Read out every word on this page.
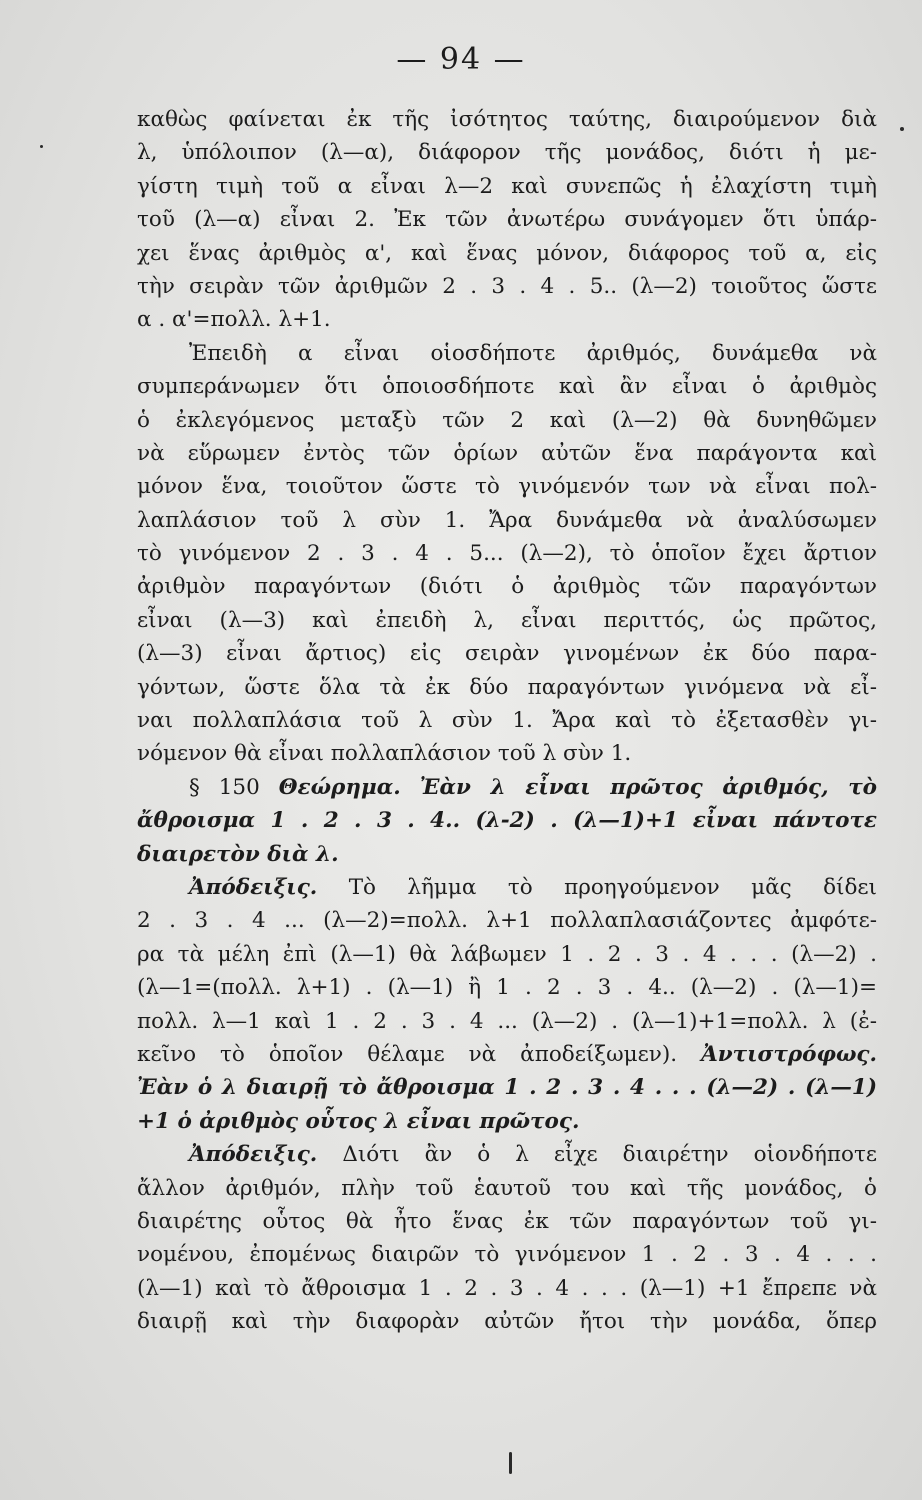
— 94 —
καθὼς φαίνεται ἐκ τῆς ἰσότητος ταύτης, διαιρούμενον διὰ
λ, ὑπόλοιπον (λ—α), διάφορον τῆς μονάδος, διότι ἡ με-
γίστη τιμὴ τοῦ α εἶναι λ—2 καὶ συνεπῶς ἡ ἐλαχίστη τιμὴ
τοῦ (λ—α) εἶναι 2. Ἐκ τῶν ἀνωτέρω συνάγομεν ὅτι ὑπάρ-
χει ἕνας ἀριθμὸς α', καὶ ἕνας μόνον, διάφορος τοῦ α, εἰς
τὴν σειρὰν τῶν ἀριθμῶν 2 . 3 . 4 . 5.. (λ—2) τοιοῦτος ὥστε
α . α'=πολλ. λ+1.
Ἐπειδὴ α εἶναι οἱοσδήποτε ἀριθμός, δυνάμεθα νὰ
συμπεράνωμεν ὅτι ὁποιοσδήποτε καὶ ἂν εἶναι ὁ ἀριθμὸς
ὁ ἐκλεγόμενος μεταξὺ τῶν 2 καὶ (λ—2) θὰ δυνηθῶμεν
νὰ εὕρωμεν ἐντὸς τῶν ὁρίων αὐτῶν ἕνα παράγοντα καὶ
μόνον ἕνα, τοιοῦτον ὥστε τὸ γινόμενόν των νὰ εἶναι πολ-
λαπλάσιον τοῦ λ σὺν 1. Ἄρα δυνάμεθα νὰ ἀναλύσωμεν
τὸ γινόμενον 2 . 3 . 4 . 5... (λ—2), τὸ ὁποῖον ἔχει ἄρτιον
ἀριθμὸν παραγόντων (διότι ὁ ἀριθμὸς τῶν παραγόντων
εἶναι (λ—3) καὶ ἐπειδὴ λ, εἶναι περιττός, ὡς πρῶτος,
(λ—3) εἶναι ἄρτιος) εἰς σειρὰν γινομένων ἐκ δύο παρα-
γόντων, ὥστε ὅλα τὰ ἐκ δύο παραγόντων γινόμενα νὰ εἶ-
ναι πολλαπλάσια τοῦ λ σὺν 1. Ἄρα καὶ τὸ ἐξετασθὲν γι-
νόμενον θὰ εἶναι πολλαπλάσιον τοῦ λ σὺν 1.
§ 150 Θεώρημα. Ἐὰν λ εἶναι πρῶτος ἀριθμός, τὸ
ἄθροισμα 1 . 2 . 3 . 4.. (λ-2) . (λ—1)+1 εἶναι πάντοτε
διαιρετὸν διὰ λ.
Ἀπόδειξις. Τὸ λῆμμα τὸ προηγούμενον μᾶς δίδει
2 . 3 . 4 ... (λ—2)=πολλ. λ+1 πολλαπλασιάζοντες ἀμφότε-
ρα τὰ μέλη ἐπὶ (λ—1) θὰ λάβωμεν 1 . 2 . 3 . 4 . . . (λ—2) .
(λ—1=(πολλ. λ+1) . (λ—1) ἢ 1 . 2 . 3 . 4.. (λ—2) . (λ—1)=
πολλ. λ—1 καὶ 1 . 2 . 3 . 4 ... (λ—2) . (λ—1)+1=πολλ. λ (ἐ-
κεῖνο τὸ ὁποῖον θέλαμε νὰ ἀποδείξωμεν). Ἀντιστρόφως.
Ἐὰν ὁ λ διαιρῇ τὸ ἄθροισμα 1 . 2 . 3 . 4 . . . (λ—2) . (λ—1)
+1 ὁ ἀριθμὸς οὗτος λ εἶναι πρῶτος.
Ἀπόδειξις. Διότι ἂν ὁ λ εἶχε διαιρέτην οἱονδήποτε
ἄλλον ἀριθμόν, πλὴν τοῦ ἑαυτοῦ του καὶ τῆς μονάδος, ὁ
διαιρέτης οὗτος θὰ ἦτο ἕνας ἐκ τῶν παραγόντων τοῦ γι-
νομένου, ἐπομένως διαιρῶν τὸ γινόμενον 1 . 2 . 3 . 4 . . .
(λ—1) καὶ τὸ ἄθροισμα 1 . 2 . 3 . 4 . . . (λ—1) +1 ἔπρεπε νὰ
διαιρῇ καὶ τὴν διαφορὰν αὐτῶν ἤτοι τὴν μονάδα, ὅπερ
